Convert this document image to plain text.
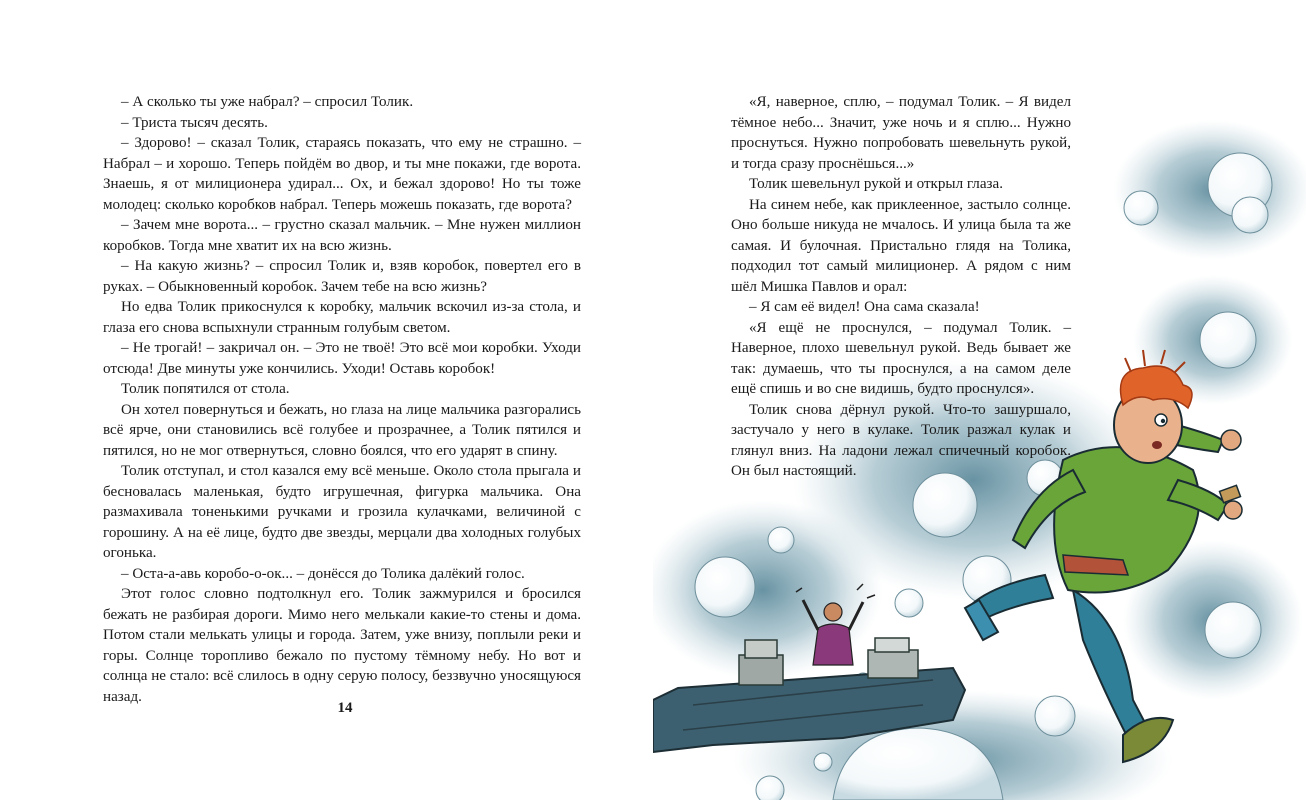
– А сколько ты уже набрал? – спросил Толик.

– Триста тысяч десять.

– Здорово! – сказал Толик, стараясь показать, что ему не страшно. – Набрал – и хорошо. Теперь пойдём во двор, и ты мне покажи, где ворота. Знаешь, я от милиционера удирал... Ох, и бежал здорово! Но ты тоже молодец: сколько коробков набрал. Теперь можешь показать, где ворота?

– Зачем мне ворота... – грустно сказал мальчик. – Мне нужен миллион коробков. Тогда мне хватит их на всю жизнь.

– На какую жизнь? – спросил Толик и, взяв коробок, повертел его в руках. – Обыкновенный коробок. Зачем тебе на всю жизнь?

Но едва Толик прикоснулся к коробку, мальчик вскочил из-за стола, и глаза его снова вспыхнули странным голубым светом.

– Не трогай! – закричал он. – Это не твоё! Это всё мои коробки. Уходи отсюда! Две минуты уже кончились. Уходи! Оставь коробок!

Толик попятился от стола.

Он хотел повернуться и бежать, но глаза на лице мальчика разгорались всё ярче, они становились всё голубее и прозрачнее, а Толик пятился и пятился, но не мог отвернуться, словно боялся, что его ударят в спину.

Толик отступал, и стол казался ему всё меньше. Около стола прыгала и бесновалась маленькая, будто игрушечная, фигурка мальчика. Она размахивала тоненькими ручками и грозила кулачками, величиной с горошину. А на её лице, будто две звезды, мерцали два холодных голубых огонька.

– Оста-а-авь коробо-о-ок... – донёсся до Толика далёкий голос.

Этот голос словно подтолкнул его. Толик зажмурился и бросился бежать не разбирая дороги. Мимо него мелькали какие-то стены и дома. Потом стали мелькать улицы и города. Затем, уже внизу, поплыли реки и горы. Солнце торопливо бежало по пустому тёмному небу. Но вот и солнца не стало: всё слилось в одну серую полосу, беззвучно уносящуюся назад.

14

«Я, наверное, сплю, – подумал Толик. – Я видел тёмное небо... Значит, уже ночь и я сплю... Нужно проснуться. Нужно попробовать шевельнуть рукой, и тогда сразу проснёшься...»

Толик шевельнул рукой и открыл глаза.

На синем небе, как приклеенное, застыло солнце. Оно больше никуда не мчалось. И улица была та же самая. И булочная. Пристально глядя на Толика, подходил тот самый милиционер. А рядом с ним шёл Мишка Павлов и орал:

– Я сам её видел! Она сама сказала!

«Я ещё не проснулся, – подумал Толик. – Наверное, плохо шевельнул рукой. Ведь бывает же так: думаешь, что ты проснулся, а на самом деле ещё спишь и во сне видишь, будто проснулся».

Толик снова дёрнул рукой. Что-то зашуршало, застучало у него в кулаке. Толик разжал кулак и глянул вниз. На ладони лежал спичечный коробок. Он был настоящий.
